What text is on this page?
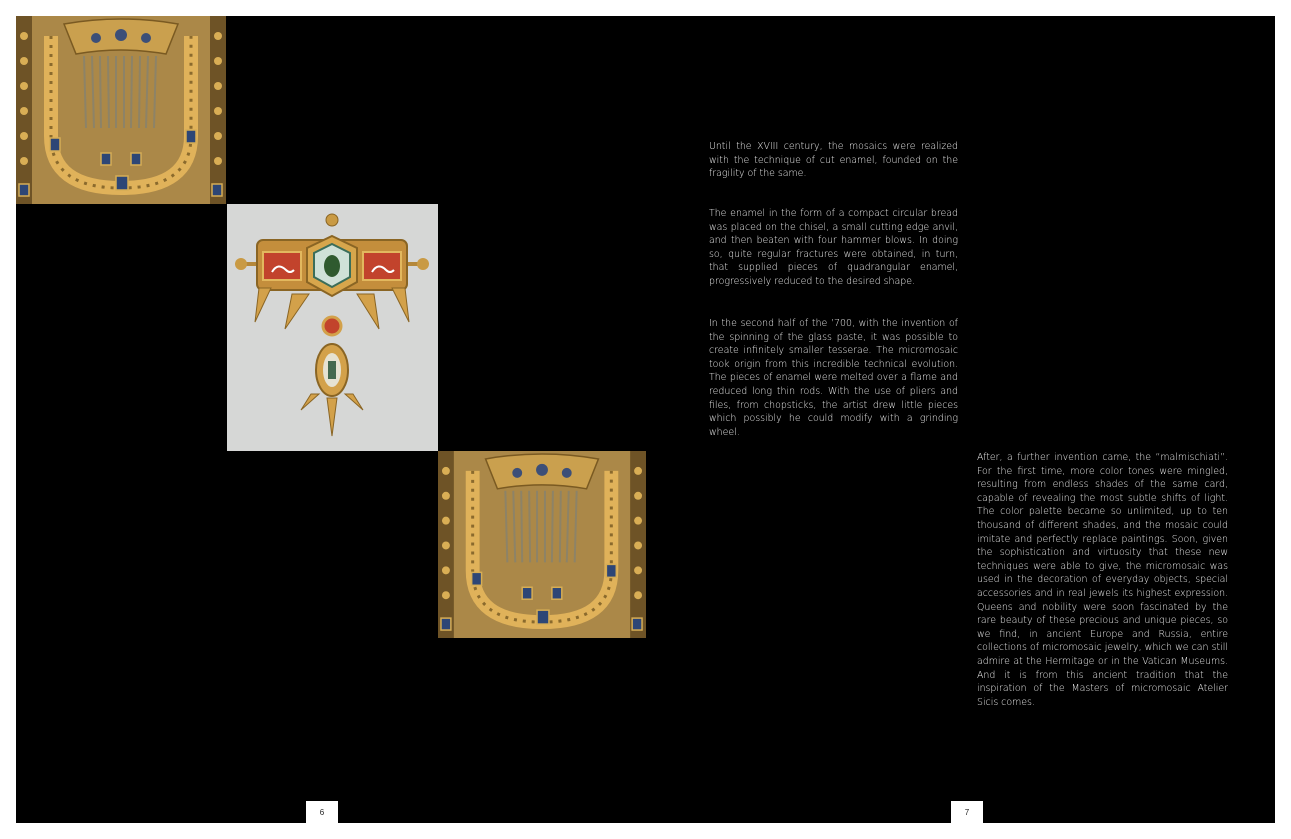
Until the XVIII century, the mosaics were realized with the technique of cut enamel, founded on the fragility of the same.

The enamel in the form of a compact circular bread was placed on the chisel, a small cutting edge anvil, and then beaten with four hammer blows. In doing so, quite regular fractures were obtained, in turn, that supplied pieces of quadrangular enamel, progressively reduced to the desired shape.

In the second half of the ’700, with the invention of the spinning of the glass paste, it was possible to create infinitely smaller tesserae. The micromosaic took origin from this incredible technical evolution. The pieces of enamel were melted over a flame and reduced long thin rods. With the use of pliers and files, from chopsticks, the artist drew little pieces which possibly he could modify with a grinding wheel.

After, a further invention came, the “malmischiati”. For the first time, more color tones were mingled, resulting from endless shades of the same card, capable of revealing the most subtle shifts of light. The color palette became so unlimited, up to ten thousand of different shades, and the mosaic could imitate and perfectly replace paintings. Soon, given the sophistication and virtuosity that these new techniques were able to give, the micromosaic was used in the decoration of everyday objects, special accessories and in real jewels its highest expression. Queens and nobility were soon fascinated by the rare beauty of these precious and unique pieces, so we find, in ancient Europe and Russia, entire collections of micromosaic jewelry, which we can still admire at the Hermitage or in the Vatican Museums. And it is from this ancient tradition that the inspiration of the Masters of micromosaic Atelier Sicis comes.

6	7
